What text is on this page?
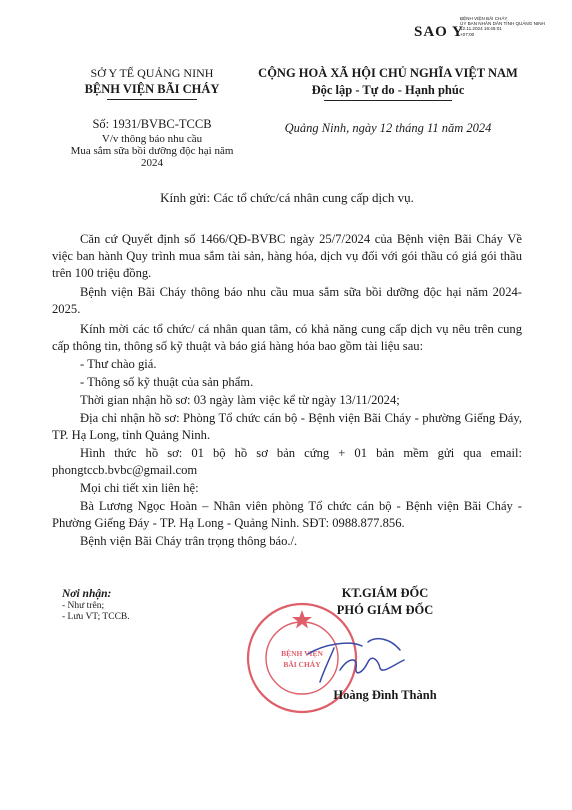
SAO Y
BỆNH VIỆN BÃI CHÁY
ỦY BAN NHÂN DÂN TỈNH QUẢNG NINH
12.11.2024 16:45:01
+07:00
SỞ Y TẾ QUẢNG NINH
BỆNH VIỆN BÃI CHÁY
Số: 1931/BVBC-TCCB
V/v thông báo nhu cầu
Mua sắm sữa bồi dưỡng độc hại năm
2024
CỘNG HOÀ XÃ HỘI CHỦ NGHĨA VIỆT NAM
Độc lập - Tự do - Hạnh phúc
Quảng Ninh, ngày 12 tháng 11 năm 2024
Kính gửi: Các tổ chức/cá nhân cung cấp dịch vụ.

Căn cứ Quyết định số 1466/QĐ-BVBC ngày 25/7/2024 của Bệnh viện Bãi Cháy Về việc ban hành Quy trình mua sắm tài sản, hàng hóa, dịch vụ đối với gói thầu có giá gói thầu trên 100 triệu đồng.

Bệnh viện Bãi Cháy thông báo nhu cầu mua sắm sữa bồi dưỡng độc hại năm 2024- 2025.

Kính mời các tổ chức/ cá nhân quan tâm, có khả năng cung cấp dịch vụ nêu trên cung cấp thông tin, thông số kỹ thuật và báo giá hàng hóa bao gồm tài liệu sau:

- Thư chào giá.

- Thông số kỹ thuật của sản phẩm.

Thời gian nhận hồ sơ: 03 ngày làm việc kể từ ngày 13/11/2024;

Địa chỉ nhận hồ sơ: Phòng Tổ chức cán bộ - Bệnh viện Bãi Cháy - phường Giếng Đáy, TP. Hạ Long, tỉnh Quảng Ninh.

Hình thức hồ sơ: 01 bộ hồ sơ bản cứng + 01 bản mềm gửi qua email: phongtccb.bvbc@gmail.com

Mọi chi tiết xin liên hệ:

Bà Lương Ngọc Hoàn – Nhân viên phòng Tổ chức cán bộ - Bệnh viện Bãi Cháy - Phường Giếng Đáy - TP. Hạ Long - Quảng Ninh. SĐT: 0988.877.856.

Bệnh viện Bãi Cháy trân trọng thông báo./.

Nơi nhận:
- Như trên;
- Lưu VT; TCCB.
KT.GIÁM ĐỐC
PHÓ GIÁM ĐỐC
BỆNH VIỆN
BÃI CHÁY
Hoàng Đình Thành
